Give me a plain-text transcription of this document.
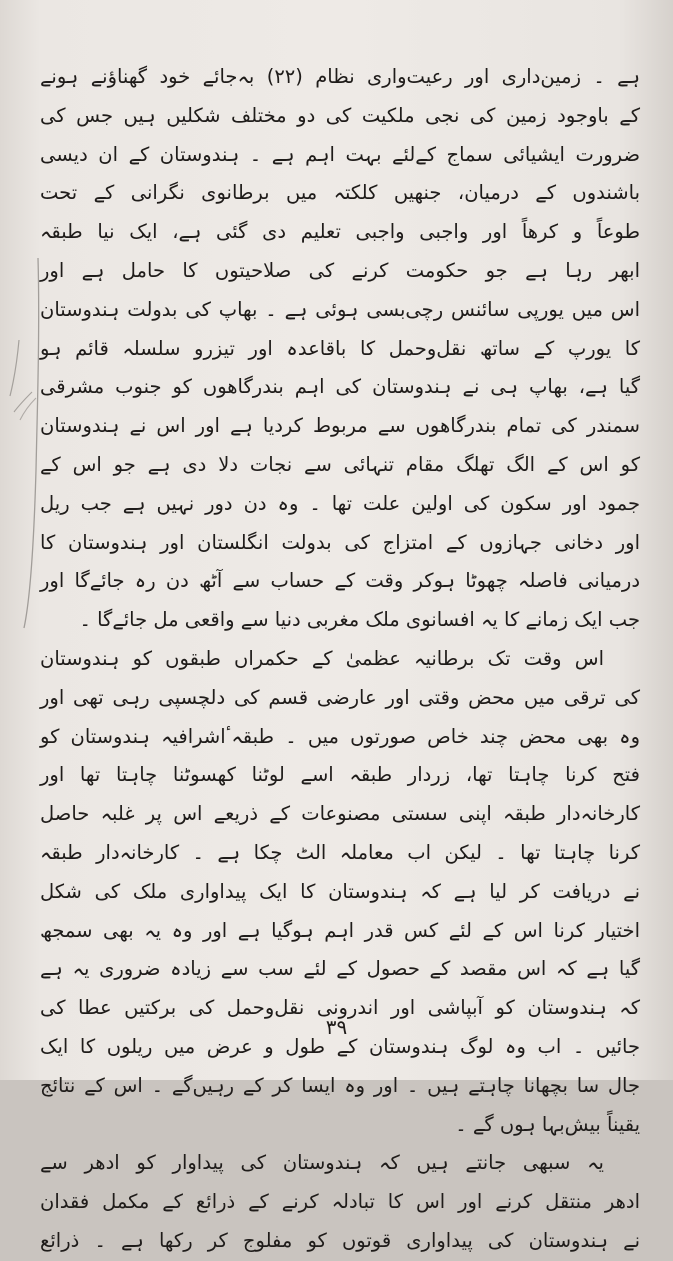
ہے ۔ زمین‌داری اور رعیت‌واری نظام (۲۲) بہ‌جائے خود گھناؤنے ہونے
کے باوجود زمین کی نجی ملکیت کی دو مختلف شکلیں ہیں جس کی
ضرورت ایشیائی سماج کےلئے بہت اہم ہے ۔ ہندوستان کے ان دیسی
باشندوں کے درمیان، جنھیں کلکتہ میں برطانوی نگرانی کے تحت
طوعاً و کرھاً اور واجبی واجبی تعلیم دی گئی ہے، ایک نیا طبقہ
ابھر رہا ہے جو حکومت کرنے کی صلاحیتوں کا حامل ہے اور
اس میں یورپی سائنس رچی‌بسی ہوئی ہے ۔ بھاپ کی بدولت ہندوستان
کا یورپ کے ساتھ نقل‌وحمل کا باقاعدہ اور تیزرو سلسلہ قائم ہو
گیا ہے، بھاپ ہی نے ہندوستان کی اہم بندرگاھوں کو جنوب مشرقی
سمندر کی تمام بندرگاھوں سے مربوط کردیا ہے اور اس نے ہندوستان
کو اس کے الگ تھلگ مقام تنہائی سے نجات دلا دی ہے جو اس کے
جمود اور سکون کی اولین علت تھا ۔ وہ دن دور نہیں ہے جب ریل
اور دخانی جہازوں کے امتزاج کی بدولت انگلستان اور ہندوستان کا
درمیانی فاصلہ چھوٹا ہوکر وقت کے حساب سے آٹھ دن رہ جائےگا اور
جب ایک زمانے کا یہ افسانوی ملک مغربی دنیا سے واقعی مل جائےگا ۔
اس وقت تک برطانیہ عظمیٰ کے حکمراں طبقوں کو ہندوستان
کی ترقی میں محض وقتی اور عارضی قسم کی دلچسپی رہی تھی اور
وہ بھی محض چند خاص صورتوں میں ۔ طبقہٴ‌اشرافیہ ہندوستان کو
فتح کرنا چاہتا تھا، زردار طبقہ اسے لوٹنا کھسوٹنا چاہتا تھا اور
کارخانہ‌دار طبقہ اپنی سستی مصنوعات کے ذریعے اس پر غلبہ حاصل
کرنا چاہتا تھا ۔ لیکن اب معاملہ الٹ چکا ہے ۔ کارخانہ‌دار طبقہ
نے دریافت کر لیا ہے کہ ہندوستان کا ایک پیداواری ملک کی شکل
اختیار کرنا اس کے لئے کس قدر اہم ہوگیا ہے اور وہ یہ بھی سمجھ
گیا ہے کہ اس مقصد کے حصول کے لئے سب سے زیادہ ضروری یہ ہے
کہ ہندوستان کو آبپاشی اور اندرونی نقل‌وحمل کی برکتیں عطا کی
جائیں ۔ اب وہ لوگ ہندوستان کے طول و عرض میں ریلوں کا ایک
جال سا بچھانا چاہتے ہیں ۔ اور وہ ایسا کر کے رہیں‌گے ۔ اس کے نتائج
یقیناً بیش‌بہا ہوں گے ۔
یہ سبھی جانتے ہیں کہ ہندوستان کی پیداوار کو ادھر سے
ادھر منتقل کرنے اور اس کا تبادلہ کرنے کے ذرائع کے مکمل فقدان
نے ہندوستان کی پیداواری قوتوں کو مفلوج کر رکھا ہے ۔ ذرائع
۳۹
